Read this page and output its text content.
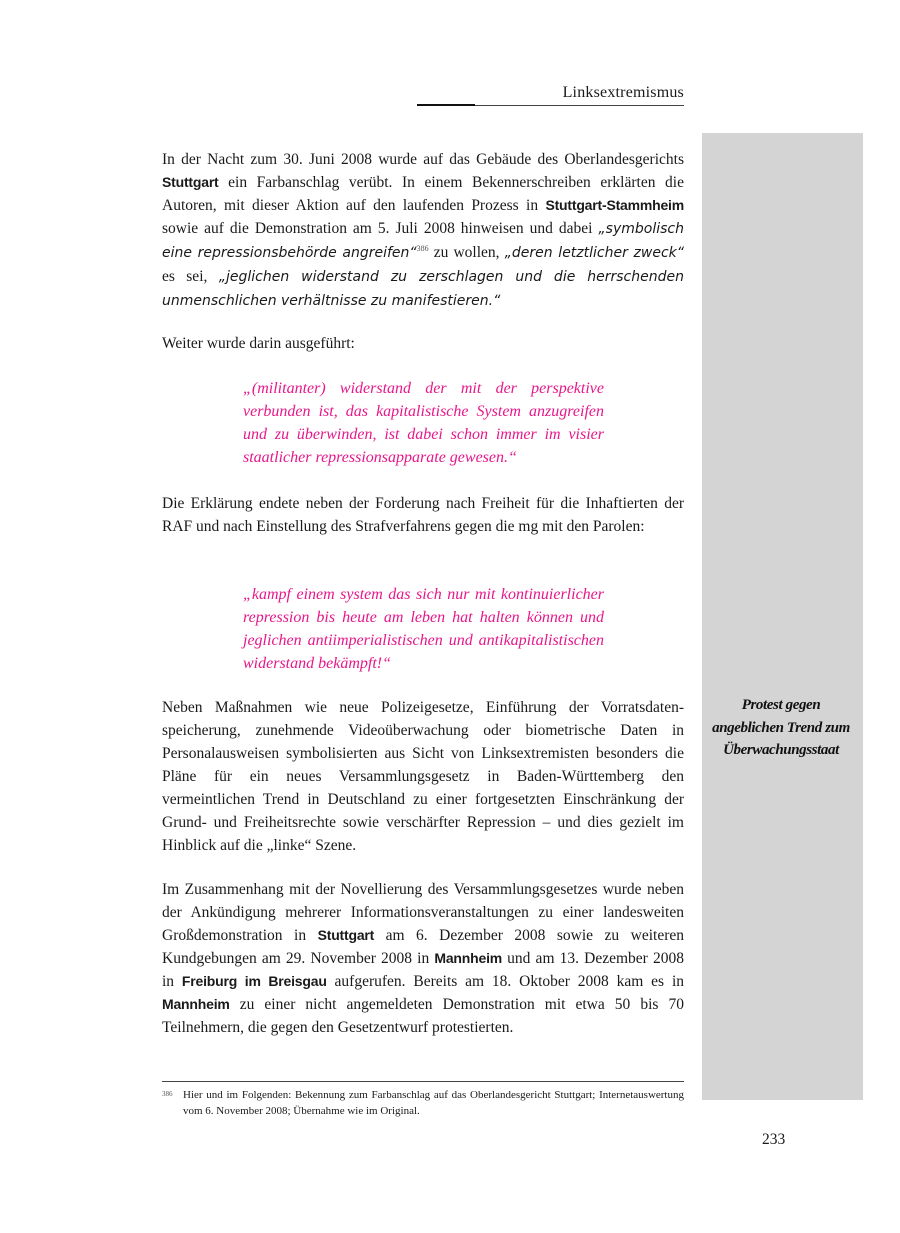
Linksextremismus
Protest gegen angeblichen Trend zum Überwachungsstaat
In der Nacht zum 30. Juni 2008 wurde auf das Gebäude des Oberlandesgerichts Stuttgart ein Farbanschlag verübt. In einem Bekennerschreiben erklärten die Autoren, mit dieser Aktion auf den laufenden Prozess in Stuttgart-Stammheim sowie auf die Demonstration am 5. Juli 2008 hinweisen und dabei „symbolisch eine repressionsbehörde angreifen“$^{386}$ zu wollen, „deren letztlicher zweck“ es sei, „jeglichen widerstand zu zerschlagen und die herrschenden unmenschlichen verhältnisse zu manifestieren.“
Weiter wurde darin ausgeführt:
„(militanter) widerstand der mit der perspektive verbunden ist, das kapitalistische System anzugreifen und zu überwinden, ist dabei schon immer im visier staatlicher repressionsapparate gewesen.“
Die Erklärung endete neben der Forderung nach Freiheit für die Inhaftierten der RAF und nach Einstellung des Strafverfahrens gegen die mg mit den Parolen:
„kampf einem system das sich nur mit kontinuierlicher repression bis heute am leben hat halten können und jeglichen antiimperialistischen und antikapitalistischen widerstand bekämpft!“
Neben Maßnahmen wie neue Polizeigesetze, Einführung der Vorratsdatenspeicherung, zunehmende Videoüberwachung oder biometrische Daten in Personalausweisen symbolisierten aus Sicht von Linksextremisten besonders die Pläne für ein neues Versammlungsgesetz in Baden-Württemberg den vermeintlichen Trend in Deutschland zu einer fortgesetzten Einschränkung der Grund- und Freiheitsrechte sowie verschärfter Repression – und dies gezielt im Hinblick auf die „linke“ Szene.
Im Zusammenhang mit der Novellierung des Versammlungsgesetzes wurde neben der Ankündigung mehrerer Informationsveranstaltungen zu einer landesweiten Großdemonstration in Stuttgart am 6. Dezember 2008 sowie zu weiteren Kundgebungen am 29. November 2008 in Mannheim und am 13. Dezember 2008 in Freiburg im Breisgau aufgerufen. Bereits am 18. Oktober 2008 kam es in Mannheim zu einer nicht angemeldeten Demonstration mit etwa 50 bis 70 Teilnehmern, die gegen den Gesetzentwurf protestierten.
386 Hier und im Folgenden: Bekennung zum Farbanschlag auf das Oberlandesgericht Stuttgart; Internetauswertung vom 6. November 2008; Übernahme wie im Original.
233
